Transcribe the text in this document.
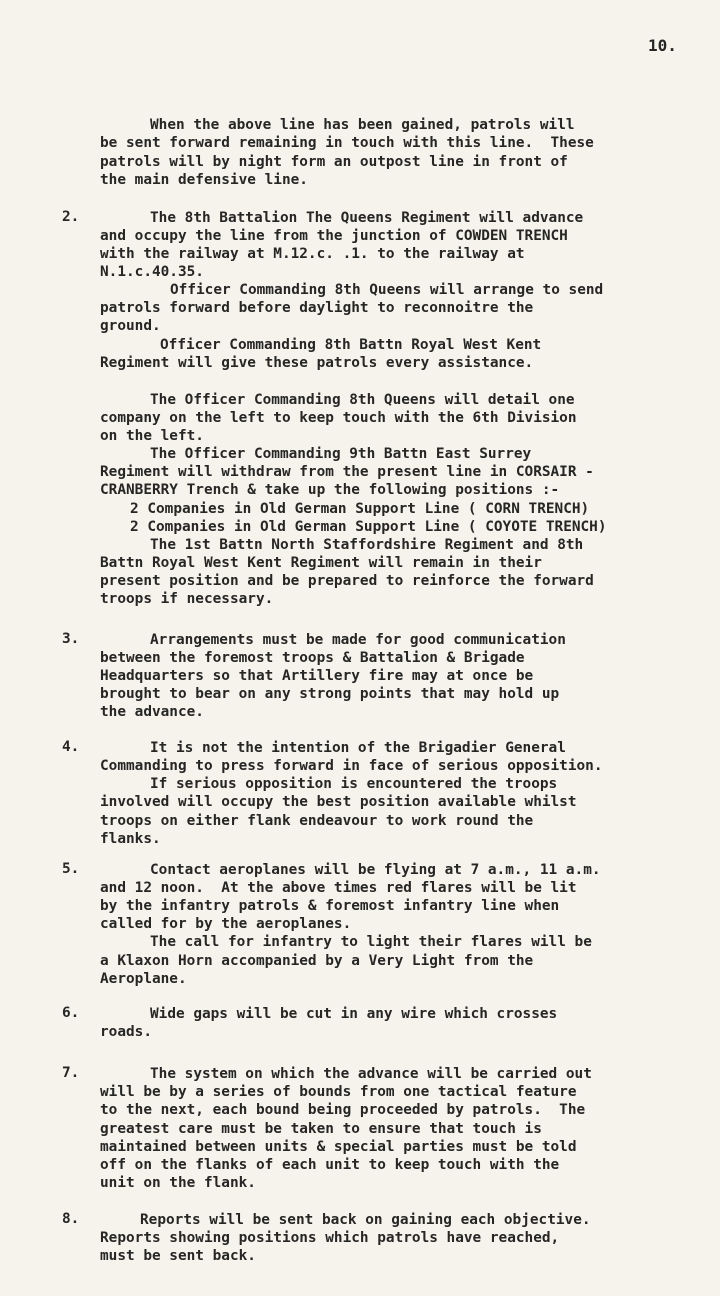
10.
When the above line has been gained, patrols will
be sent forward remaining in touch with this line.  These
patrols will by night form an outpost line in front of
the main defensive line.
2.	The 8th Battalion The Queens Regiment will advance
and occupy the line from the junction of COWDEN TRENCH
with the railway at M.12.c. .1. to the railway at
N.1.c.40.35.
Officer Commanding 8th Queens will arrange to send
patrols forward before daylight to reconnoitre the
ground.
Officer Commanding 8th Battn Royal West Kent
Regiment will give these patrols every assistance.
The Officer Commanding 8th Queens will detail one
company on the left to keep touch with the 6th Division
on the left.
The Officer Commanding 9th Battn East Surrey
Regiment will withdraw from the present line in CORSAIR -
CRANBERRY Trench & take up the following positions :-
2 Companies in Old German Support Line ( CORN TRENCH)
2 Companies in Old German Support Line ( COYOTE TRENCH)
The 1st Battn North Staffordshire Regiment and 8th
Battn Royal West Kent Regiment will remain in their
present position and be prepared to reinforce the forward
troops if necessary.
3.	Arrangements must be made for good communication
between the foremost troops & Battalion & Brigade
Headquarters so that Artillery fire may at once be
brought to bear on any strong points that may hold up
the advance.
4.	It is not the intention of the Brigadier General
Commanding to press forward in face of serious opposition.
If serious opposition is encountered the troops
involved will occupy the best position available whilst
troops on either flank endeavour to work round the
flanks.
5.	Contact aeroplanes will be flying at 7 a.m., 11 a.m.
and 12 noon.  At the above times red flares will be lit
by the infantry patrols & foremost infantry line when
called for by the aeroplanes.
The call for infantry to light their flares will be
a Klaxon Horn accompanied by a Very Light from the
Aeroplane.
6.	Wide gaps will be cut in any wire which crosses
roads.
7.	The system on which the advance will be carried out
will be by a series of bounds from one tactical feature
to the next, each bound being proceeded by patrols.  The
greatest care must be taken to ensure that touch is
maintained between units & special parties must be told
off on the flanks of each unit to keep touch with the
unit on the flank.
8.	Reports will be sent back on gaining each objective.
Reports showing positions which patrols have reached,
must be sent back.
